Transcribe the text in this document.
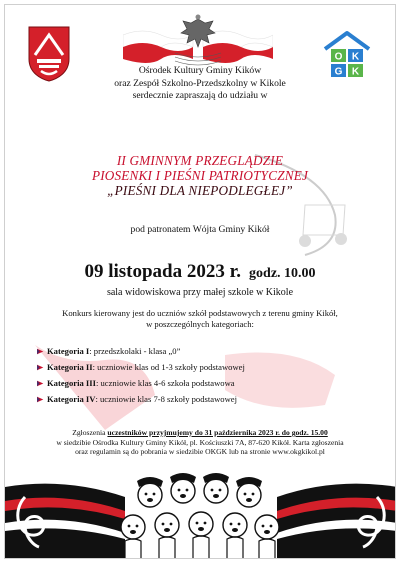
O K
G K
Ośrodek Kultury Gminy Kików
oraz Zespół Szkolno-Przedszkolny w Kikole
serdecznie zapraszają do udziału w
II GMINNYM PRZEGLĄDZIE
PIOSENKI I PIEŚNI PATRIOTYCZNEJ
„PIEŚNI DLA NIEPODLEGŁEJ”
pod patronatem Wójta Gminy Kikół
09 listopada 2023 r. godz. 10.00
sala widowiskowa przy małej szkole w Kikole
Konkurs kierowany jest do uczniów szkół podstawowych z terenu gminy Kikół,
w poszczególnych kategoriach:
Kategoria I: przedszkolaki - klasa „0”
Kategoria II: uczniowie klas od 1-3 szkoły podstawowej
Kategoria III: uczniowie klas 4-6 szkoła podstawowa
Kategoria IV: uczniowie klas 7-8 szkoły podstawowej
Zgłoszenia uczestników przyjmujemy do 31 października 2023 r. do godz. 15.00
w siedzibie Ośrodka Kultury Gminy Kikół, pl. Kościuszki 7A, 87-620 Kikół. Karta zgłoszenia
oraz regulamin są do pobrania w siedzibie OKGK lub na stronie www.okgkikol.pl
